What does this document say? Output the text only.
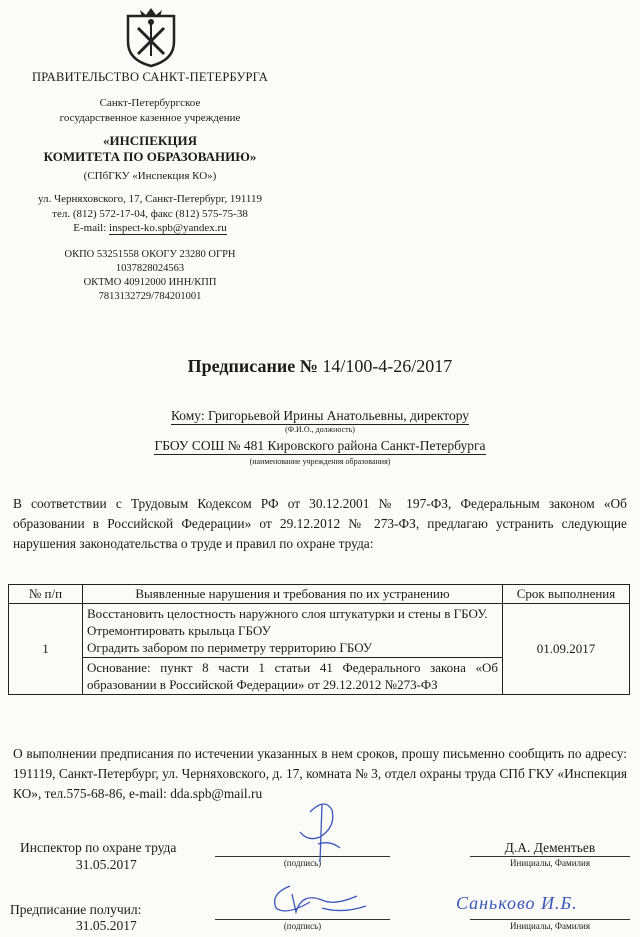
ПРАВИТЕЛЬСТВО САНКТ-ПЕТЕРБУРГА
Санкт-Петербургское
государственное казенное учреждение
«ИНСПЕКЦИЯ
КОМИТЕТА ПО ОБРАЗОВАНИЮ»
(СПбГКУ «Инспекция КО»)
ул. Черняховского, 17, Санкт-Петербург, 191119
тел. (812) 572-17-04, факс (812) 575-75-38
E-mail: inspect-ko.spb@yandex.ru
ОКПО 53251558 ОКОГУ 23280 ОГРН
1037828024563
ОКТМО 40912000 ИНН/КПП
7813132729/784201001
Предписание № 14/100-4-26/2017
Кому: Григорьевой Ирины Анатольевны, директору
(Ф.И.О., должность)
ГБОУ СОШ № 481 Кировского района Санкт-Петербурга
(наименование учреждения образования)
В соответствии с Трудовым Кодексом РФ от 30.12.2001 № 197-ФЗ, Федеральным законом «Об образовании в Российской Федерации» от 29.12.2012 № 273-ФЗ, предлагаю устранить следующие нарушения законодательства о труде и правил по охране труда:
№ п/п	Выявленные нарушения и требования по их устранению	Срок выполнения
1	Восстановить целостность наружного слоя штукатурки и стены в ГБОУ.
Отремонтировать крыльца ГБОУ
Оградить забором по периметру территорию ГБОУ	01.09.2017
	Основание: пункт 8 части 1 статьи 41 Федерального закона «Об образовании в Российской Федерации» от 29.12.2012 №273-ФЗ	
О выполнении предписания по истечении указанных в нем сроков, прошу письменно сообщить по адресу: 191119, Санкт-Петербург, ул. Черняховского, д. 17, комната № 3, отдел охраны труда СПб ГКУ «Инспекция КО», тел.575-68-86, e-mail: dda.spb@mail.ru
Инспектор по охране труда
31.05.2017	(подпись)
Д.А. Дементьев
Инициалы, Фамилия
Предписание получил:
31.05.2017	(подпись)
Саньково И.Б.
Инициалы, Фамилия
